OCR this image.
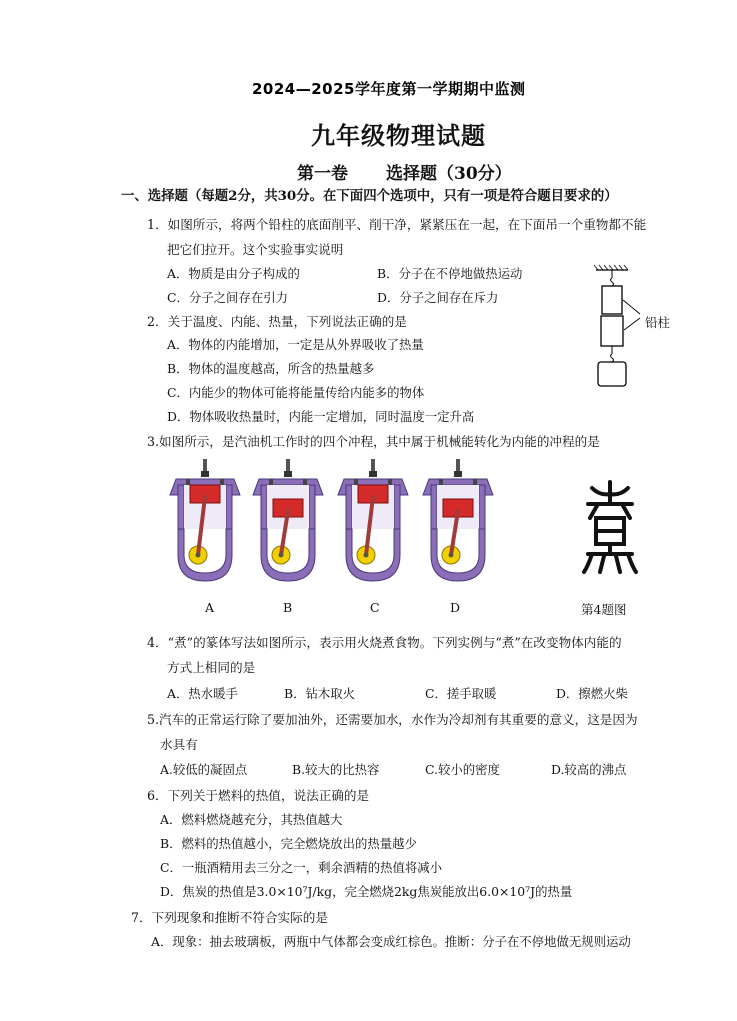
2024—2025学年度第一学期期中监测
九年级物理试题
第一卷 选择题（30分）
一、选择题（每题2分，共30分。在下面四个选项中，只有一项是符合题目要求的）
1．如图所示，将两个铅柱的底面削平、削干净，紧紧压在一起，在下面吊一个重物都不能
把它们拉开。这个实验事实说明
A．物质是由分子构成的	B．分子在不停地做热运动
C．分子之间存在引力	D．分子之间存在斥力
铅柱
2．关于温度、内能、热量，下列说法正确的是
A．物体的内能增加，一定是从外界吸收了热量
B．物体的温度越高，所含的热量越多
C．内能少的物体可能将能量传给内能多的物体
D．物体吸收热量时，内能一定增加，同时温度一定升高
3.如图所示，是汽油机工作时的四个冲程，其中属于机械能转化为内能的冲程的是
A	B	C	D	第4题图
4．“煮”的篆体写法如图所示，表示用火烧煮食物。下列实例与“煮”在改变物体内能的
方式上相同的是
A．热水暖手	B．钻木取火	C．搓手取暖	D．擦燃火柴
5.汽车的正常运行除了要加油外，还需要加水，水作为冷却剂有其重要的意义，这是因为
水具有
A.较低的凝固点	B.较大的比热容	C.较小的密度	D.较高的沸点
6．下列关于燃料的热值，说法正确的是
A．燃料燃烧越充分，其热值越大
B．燃料的热值越小，完全燃烧放出的热量越少
C．一瓶酒精用去三分之一，剩余酒精的热值将减小
D．焦炭的热值是3.0×10⁷J/kg，完全燃烧2kg焦炭能放出6.0×10⁷J的热量
7．下列现象和推断不符合实际的是
A．现象：抽去玻璃板，两瓶中气体都会变成红棕色。推断：分子在不停地做无规则运动
